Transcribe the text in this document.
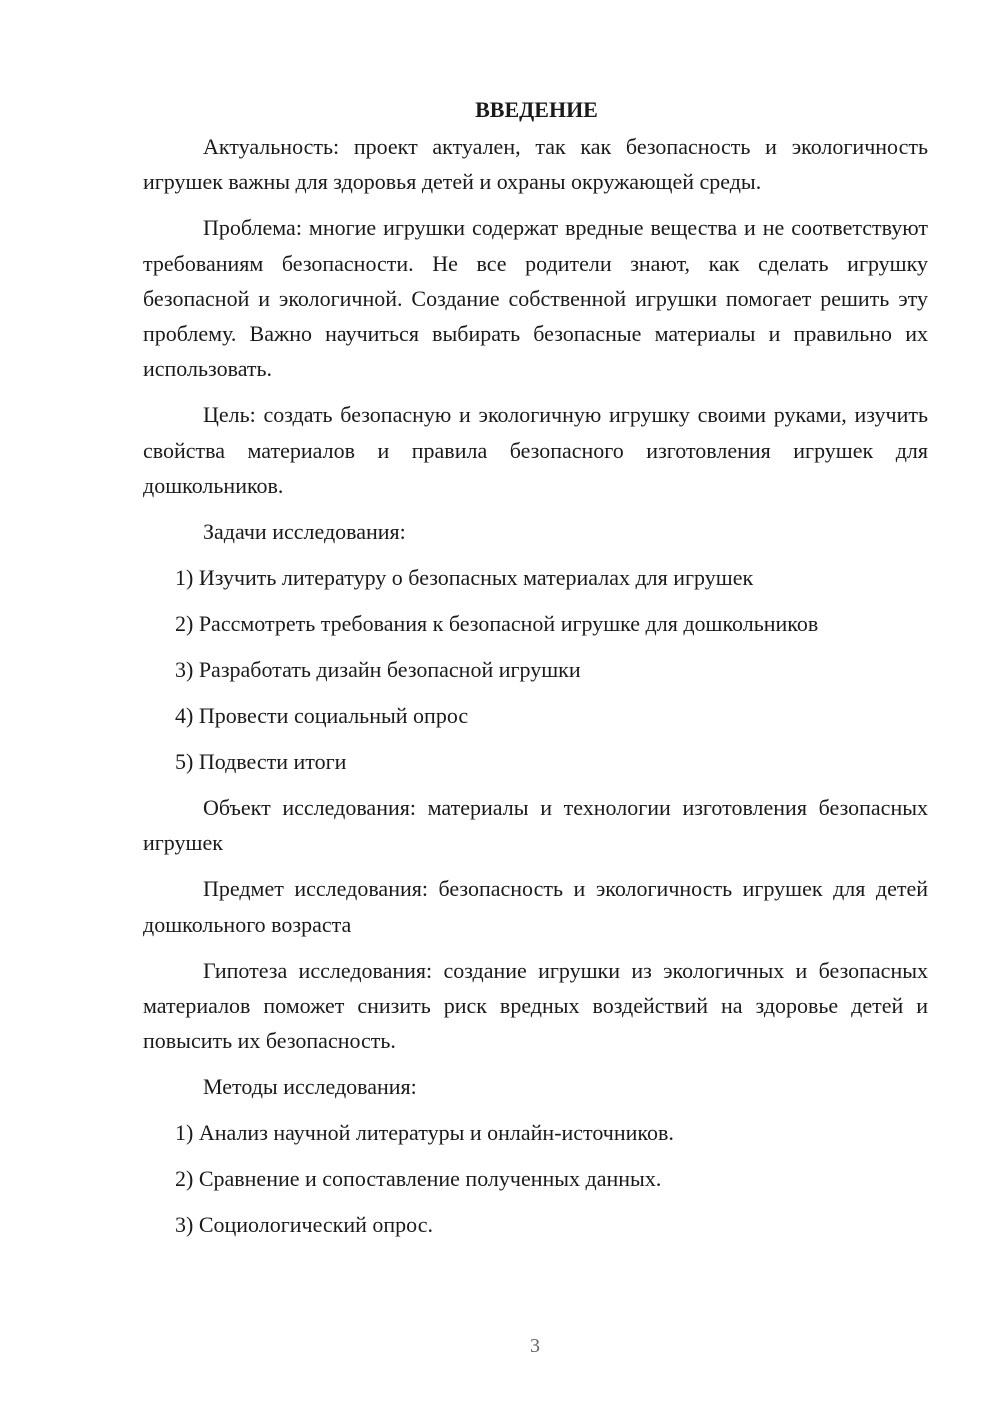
ВВЕДЕНИЕ

Актуальность: проект актуален, так как безопасность и экологичность игрушек важны для здоровья детей и охраны окружающей среды.

Проблема: многие игрушки содержат вредные вещества и не соответствуют требованиям безопасности. Не все родители знают, как сделать игрушку безопасной и экологичной. Создание собственной игрушки помогает решить эту проблему. Важно научиться выбирать безопасные материалы и правильно их использовать.

Цель: создать безопасную и экологичную игрушку своими руками, изучить свойства материалов и правила безопасного изготовления игрушек для дошкольников.

Задачи исследования:
1) Изучить литературу о безопасных материалах для игрушек
2) Рассмотреть требования к безопасной игрушке для дошкольников
3) Разработать дизайн безопасной игрушки
4) Провести социальный опрос
5) Подвести итоги

Объект исследования: материалы и технологии изготовления безопасных игрушек

Предмет исследования: безопасность и экологичность игрушек для детей дошкольного возраста

Гипотеза исследования: создание игрушки из экологичных и безопасных материалов поможет снизить риск вредных воздействий на здоровье детей и повысить их безопасность.

Методы исследования:
1) Анализ научной литературы и онлайн-источников.
2) Сравнение и сопоставление полученных данных.
3) Социологический опрос.
3
